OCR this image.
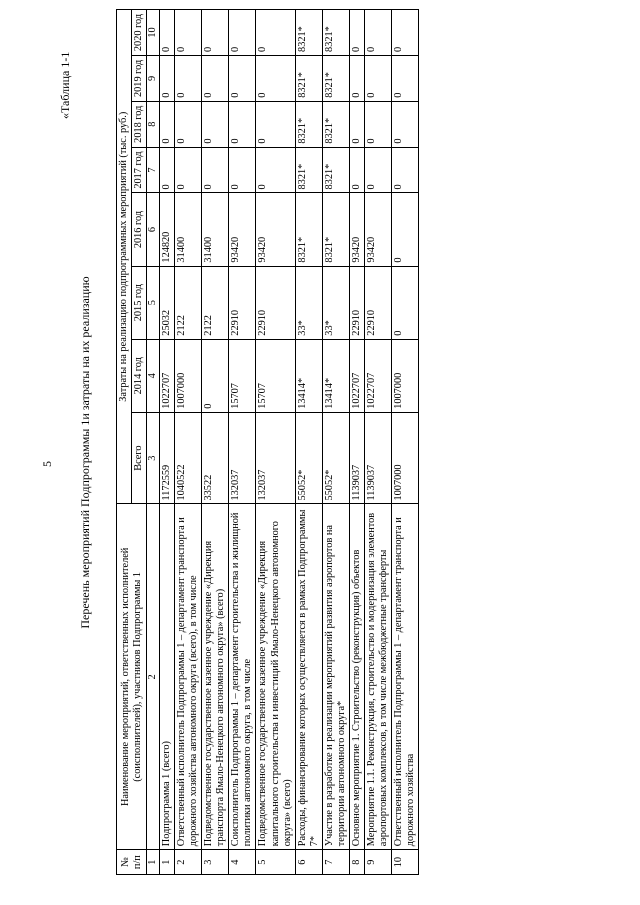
5
«Таблица 1-1
Перечень мероприятий Подпрограммы 1и затраты на их реализацию
№ п/п	Наименование мероприятий, ответственных исполнителей (соисполнителей), участников Подпрограммы 1	Затраты на реализацию подпрограммных мероприятий (тыс. руб.)							
		Всего	2014 год	2015 год	2016 год	2017 год	2018 год	2019 год	2020 год
1	2	3	4	5	6	7	8	9	10
1	Подпрограмма 1 (всего)	1172559	1022707	25032	124820	0	0	0	0
2	Ответственный исполнитель Подпрограммы 1 – департамент транспорта и дорожного хозяйства автономного округа (всего), в том числе	1040522	1007000	2122	31400	0	0	0	0
3	Подведомственное государственное казенное учреждение «Дирекция транспорта Ямало-Ненецкого автономного округа» (всего)	33522	0	2122	31400	0	0	0	0
4	Соисполнитель Подпрограммы 1 – департамент строительства и жилищной политики автономного округа, в том числе	132037	15707	22910	93420	0	0	0	0
5	Подведомственное государственное казенное учреждение «Дирекция капитального строительства и инвестиций Ямало-Ненецкого автономного округа» (всего)	132037	15707	22910	93420	0	0	0	0
6	Расходы, финансирование которых осуществляется в рамках Подпрограммы 7*	55052*	13414*	33*	8321*	8321*	8321*	8321*	8321*
7	Участие в разработке и реализации мероприятий развития аэропортов на территории автономного округа*	55052*	13414*	33*	8321*	8321*	8321*	8321*	8321*
8	Основное мероприятие 1. Строительство (реконструкция) объектов	1139037	1022707	22910	93420	0	0	0	0
9	Мероприятие 1.1. Реконструкция, строительство и модернизация элементов аэропортовых комплексов, в том числе межбюджетные трансферты	1139037	1022707	22910	93420	0	0	0	0
10	Ответственный исполнитель Подпрограммы 1 – департамент транспорта и дорожного хозяйства	1007000	1007000	0	0	0	0	0	0
